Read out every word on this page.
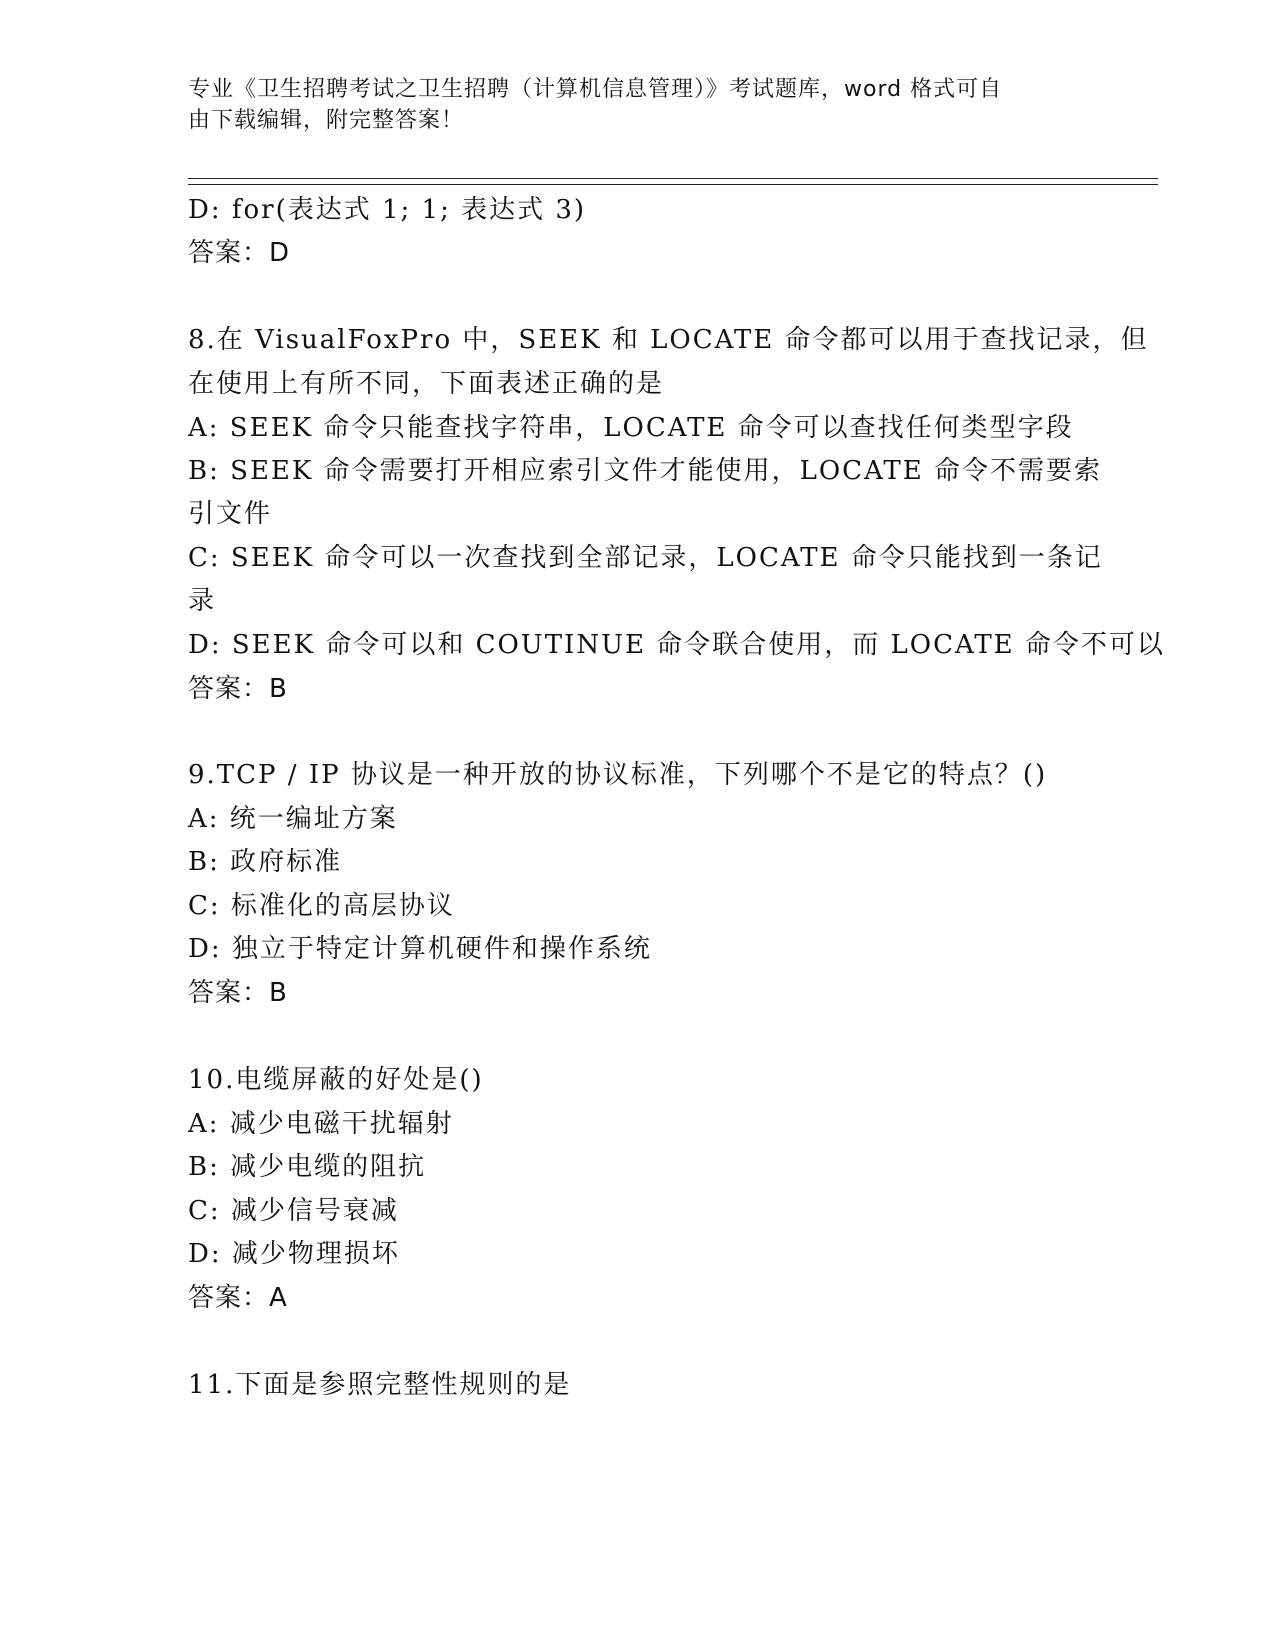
专业《卫生招聘考试之卫生招聘（计算机信息管理）》考试题库，word 格式可自
由下载编辑，附完整答案！
D: for(表达式 1; 1; 表达式 3)
答案：D
8.在 VisualFoxPro 中，SEEK 和 LOCATE 命令都可以用于查找记录，但
在使用上有所不同，下面表述正确的是
A: SEEK 命令只能查找字符串，LOCATE 命令可以查找任何类型字段
B: SEEK 命令需要打开相应索引文件才能使用，LOCATE 命令不需要索
引文件
C: SEEK 命令可以一次查找到全部记录，LOCATE 命令只能找到一条记
录
D: SEEK 命令可以和 COUTINUE 命令联合使用，而 LOCATE 命令不可以
答案：B
9.TCP / IP 协议是一种开放的协议标准，下列哪个不是它的特点？()
A: 统一编址方案
B: 政府标准
C: 标准化的高层协议
D: 独立于特定计算机硬件和操作系统
答案：B
10.电缆屏蔽的好处是()
A: 减少电磁干扰辐射
B: 减少电缆的阻抗
C: 减少信号衰减
D: 减少物理损坏
答案：A
11.下面是参照完整性规则的是
